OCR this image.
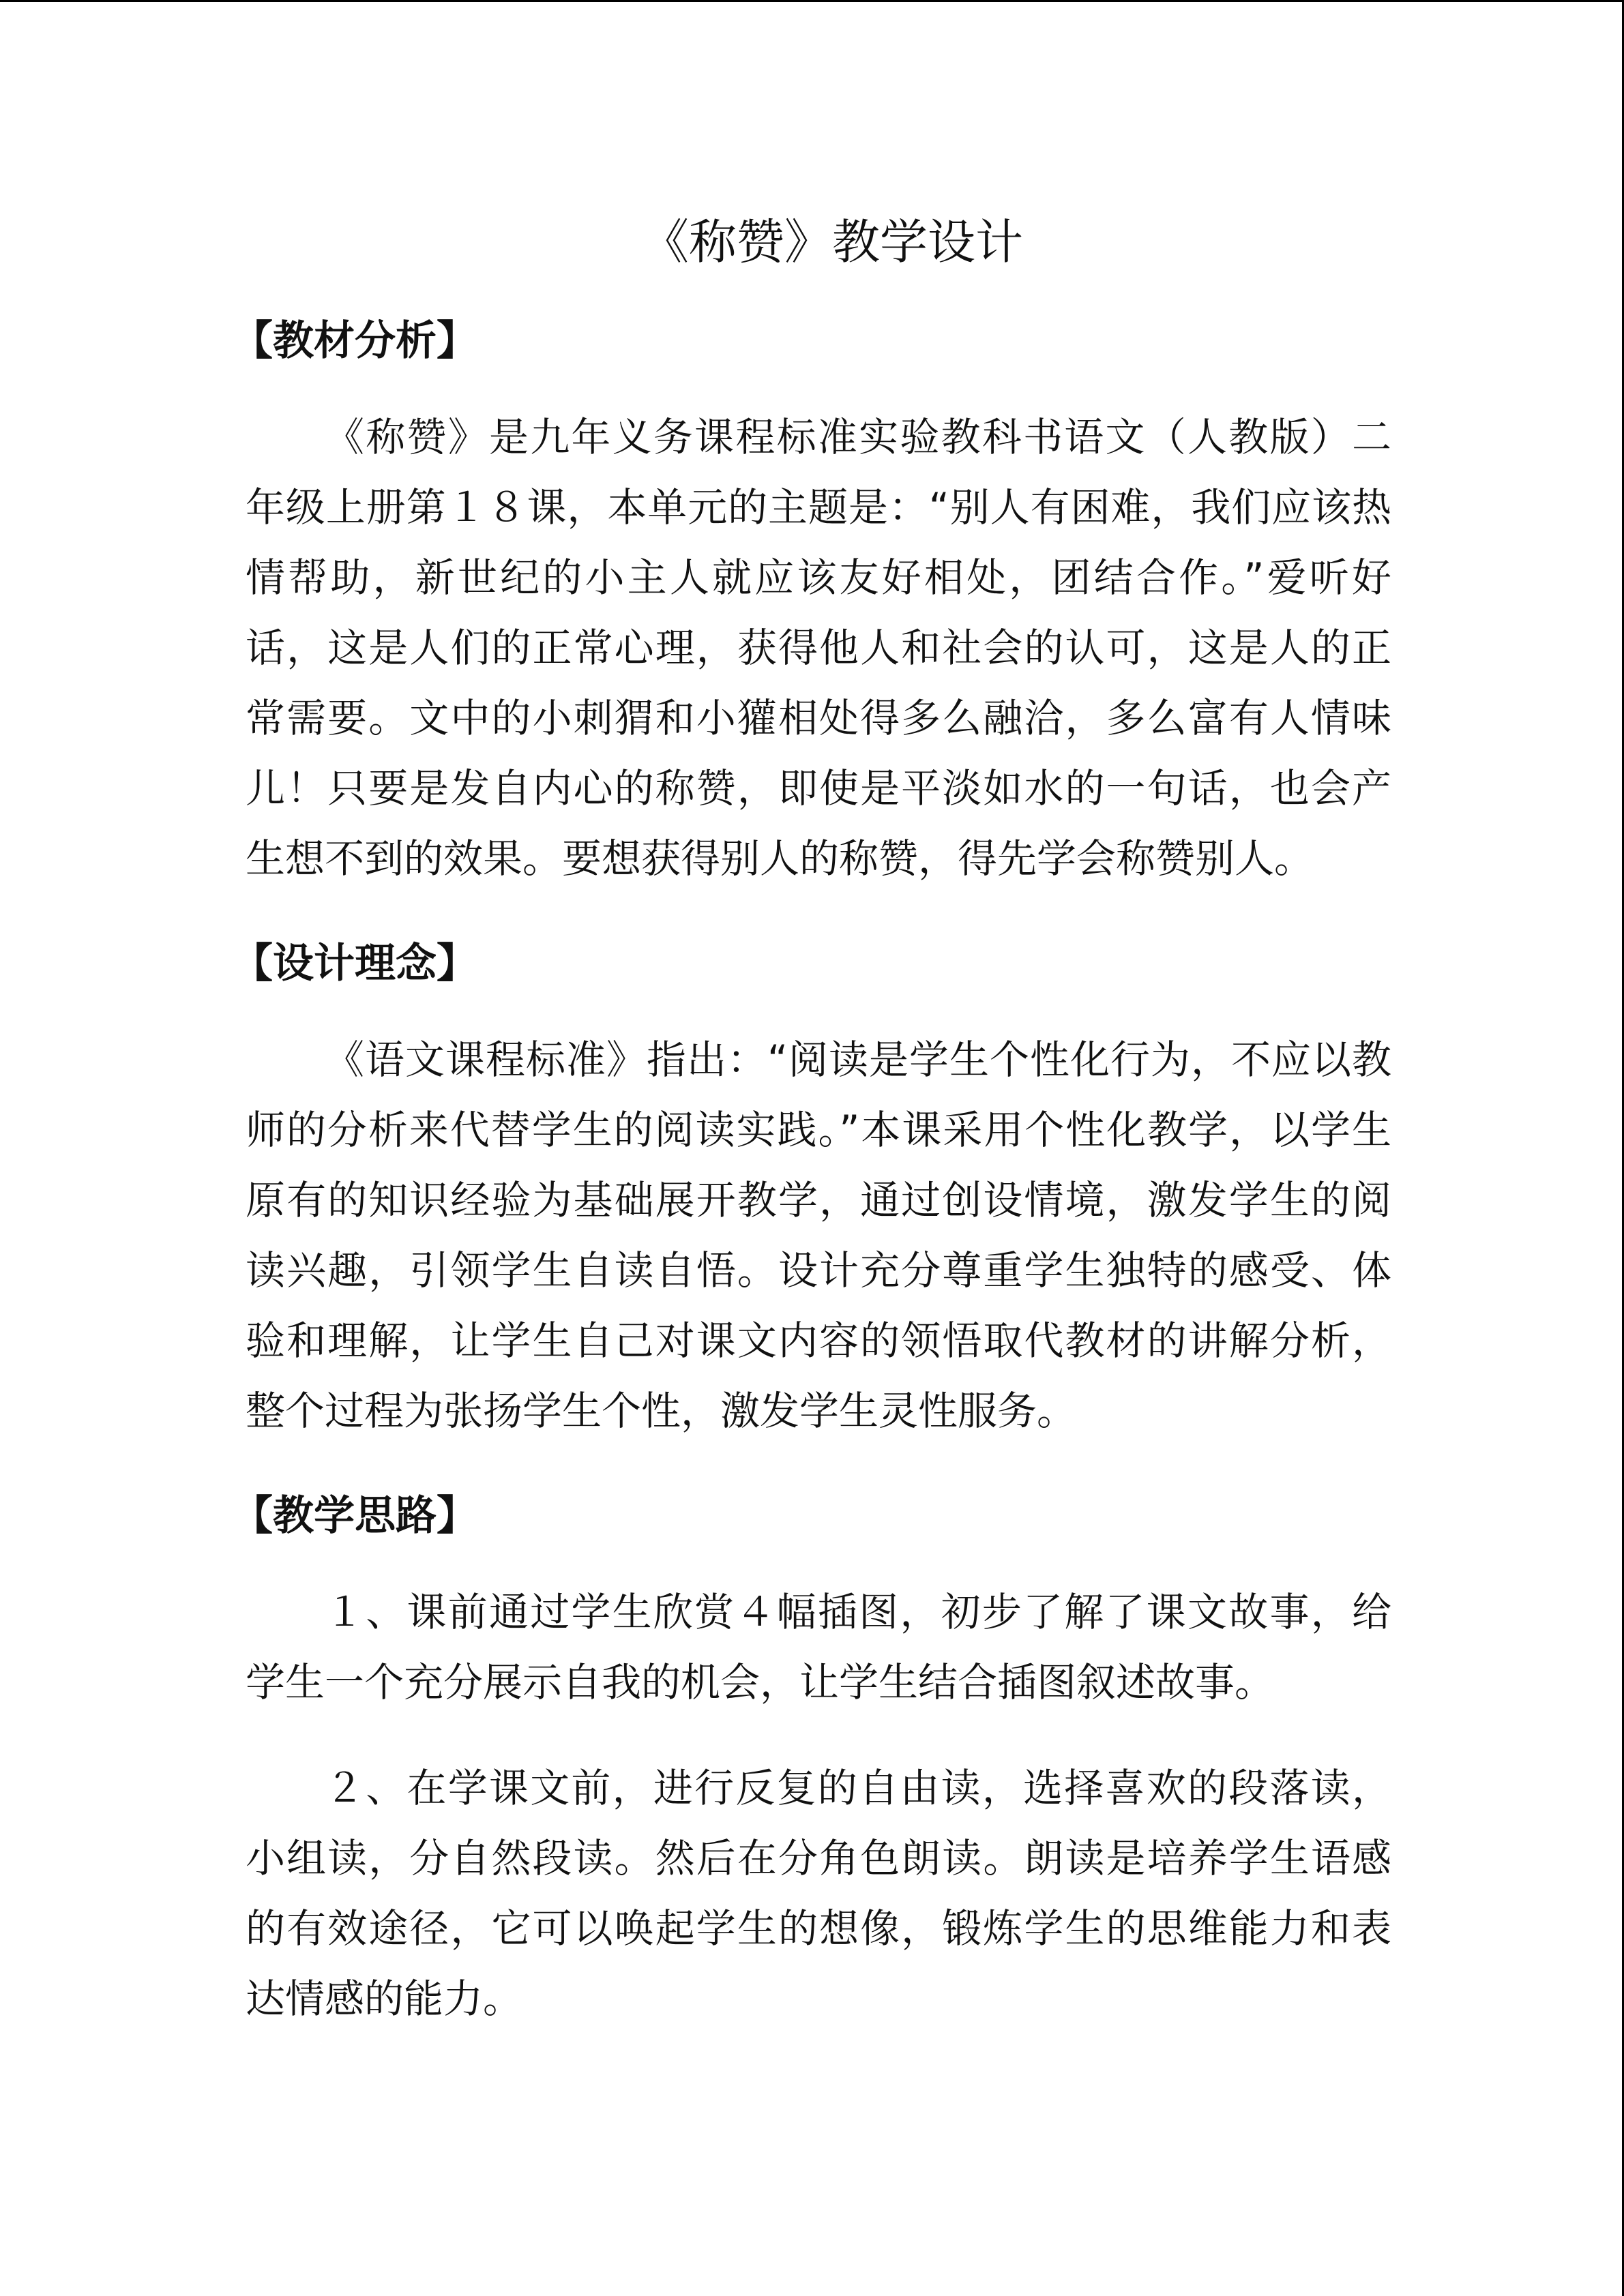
《称赞》教学设计
【教材分析】

《称赞》是九年义务课程标准实验教科书语文（人教版）二年级上册第１８课，本单元的主题是：“别人有困难，我们应该热情帮助，新世纪的小主人就应该友好相处，团结合作。”爱听好话，这是人们的正常心理，获得他人和社会的认可，这是人的正常需要。文中的小刺猬和小獾相处得多么融洽，多么富有人情味儿！只要是发自内心的称赞，即使是平淡如水的一句话，也会产生想不到的效果。要想获得别人的称赞，得先学会称赞别人。

【设计理念】

《语文课程标准》指出：“阅读是学生个性化行为，不应以教师的分析来代替学生的阅读实践。”本课采用个性化教学，以学生原有的知识经验为基础展开教学，通过创设情境，激发学生的阅读兴趣，引领学生自读自悟。设计充分尊重学生独特的感受、体验和理解，让学生自己对课文内容的领悟取代教材的讲解分析，整个过程为张扬学生个性，激发学生灵性服务。

【教学思路】

１、课前通过学生欣赏４幅插图，初步了解了课文故事，给学生一个充分展示自我的机会，让学生结合插图叙述故事。

２、在学课文前，进行反复的自由读，选择喜欢的段落读，小组读，分自然段读。然后在分角色朗读。朗读是培养学生语感的有效途径，它可以唤起学生的想像，锻炼学生的思维能力和表达情感的能力。
